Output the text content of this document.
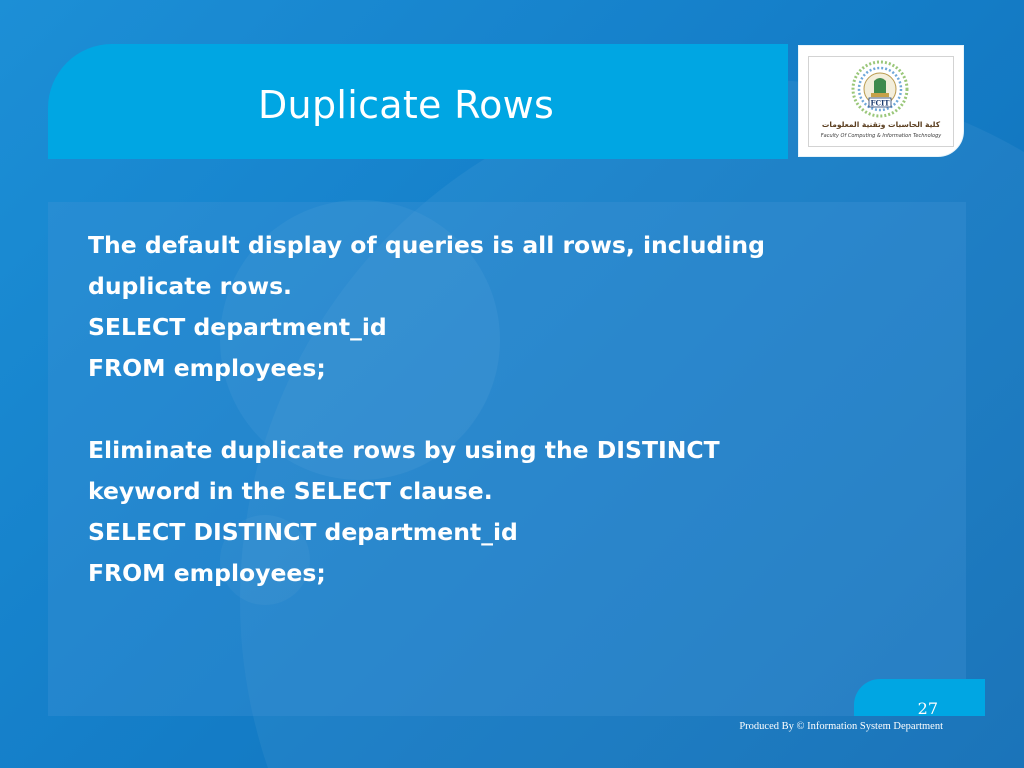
Duplicate Rows	FCIT
كلية الحاسبات وتقنية المعلومات
Faculty Of Computing & Information Technology
The default display of queries is all rows, including
duplicate rows.
SELECT department_id
FROM employees;
Eliminate duplicate rows by using the DISTINCT
keyword in the SELECT clause.
SELECT DISTINCT department_id
FROM employees;
27
Produced By © Information System Department
